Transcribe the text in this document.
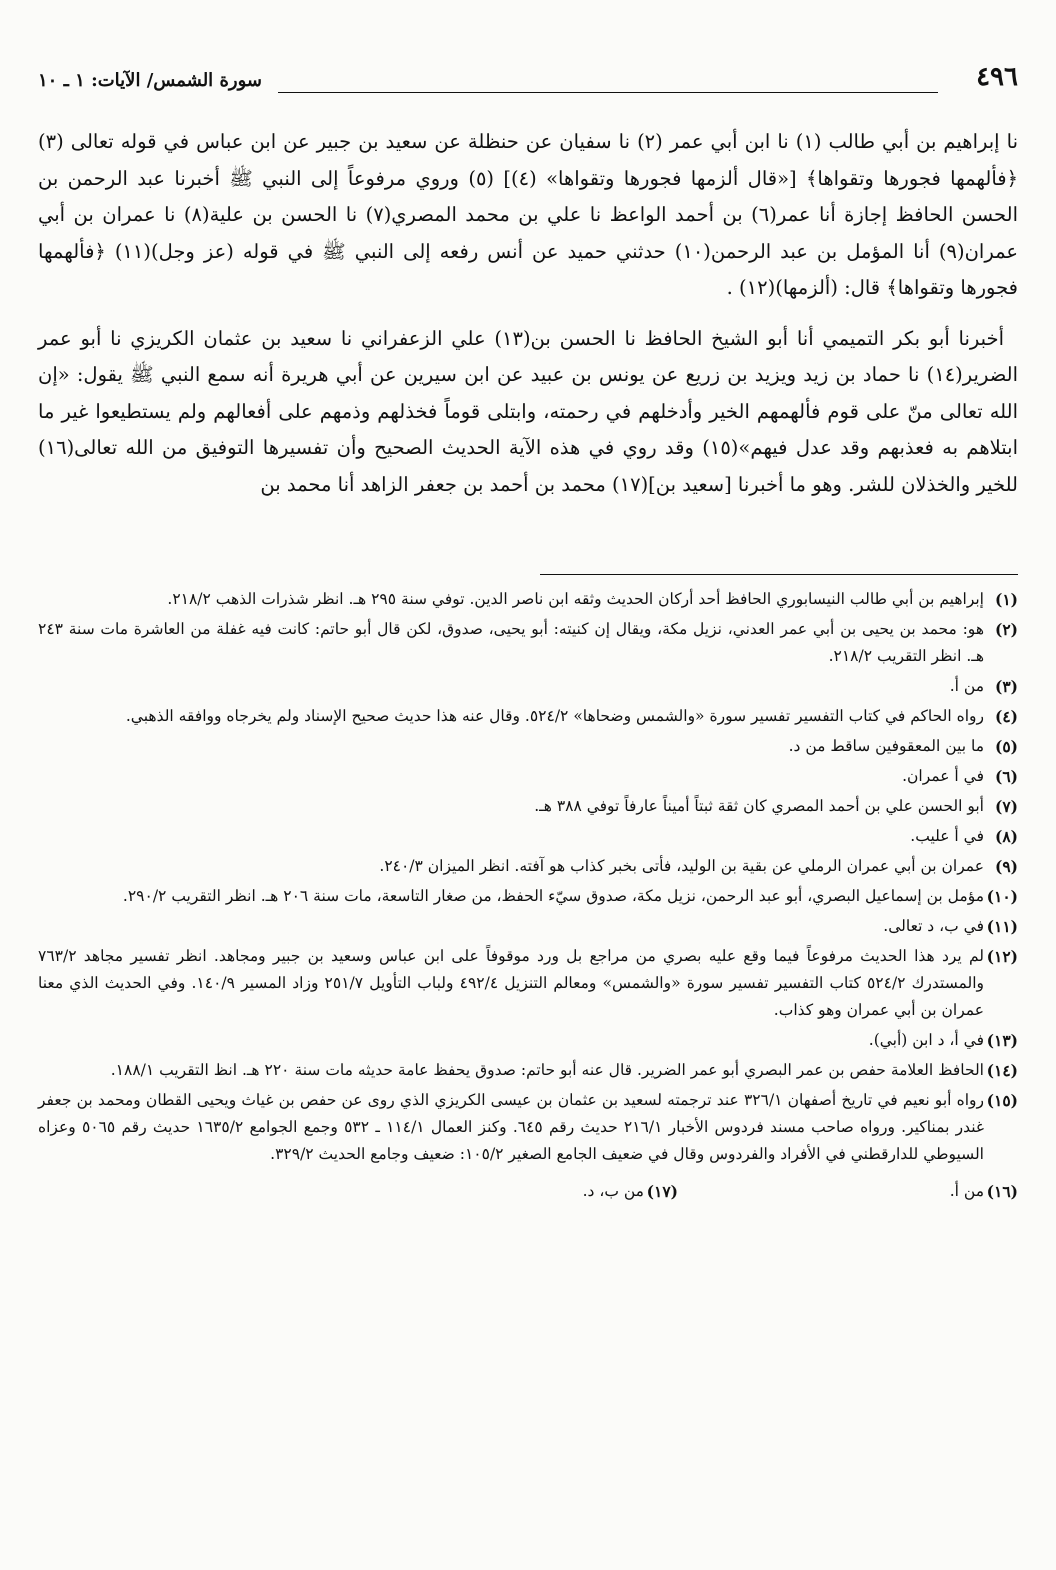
٤٩٦
سورة الشمس/ الآيات: ١ ـ ١٠

نا إبراهيم بن أبي طالب (١) نا ابن أبي عمر (٢) نا سفيان عن حنظلة عن سعيد بن جبير عن ابن عباس في قوله تعالى (٣) ﴿فألهمها فجورها وتقواها﴾ [«قال ألزمها فجورها وتقواها» (٤)] (٥) وروي مرفوعاً إلى النبي ﷺ أخبرنا عبد الرحمن بن الحسن الحافظ إجازة أنا عمر(٦) بن أحمد الواعظ نا علي بن محمد المصري(٧) نا الحسن بن علية(٨) نا عمران بن أبي عمران(٩) أنا المؤمل بن عبد الرحمن(١٠) حدثني حميد عن أنس رفعه إلى النبي ﷺ في قوله (عز وجل)(١١) ﴿فألهمها فجورها وتقواها﴾ قال: (ألزمها)(١٢) .

أخبرنا أبو بكر التميمي أنا أبو الشيخ الحافظ نا الحسن بن(١٣) علي الزعفراني نا سعيد بن عثمان الكريزي نا أبو عمر الضرير(١٤) نا حماد بن زيد ويزيد بن زريع عن يونس بن عبيد عن ابن سيرين عن أبي هريرة أنه سمع النبي ﷺ يقول: «إن الله تعالى منّ على قوم فألهمهم الخير وأدخلهم في رحمته، وابتلى قوماً فخذلهم وذمهم على أفعالهم ولم يستطيعوا غير ما ابتلاهم به فعذبهم وقد عدل فيهم»(١٥) وقد روي في هذه الآية الحديث الصحيح وأن تفسيرها التوفيق من الله تعالى(١٦) للخير والخذلان للشر. وهو ما أخبرنا [سعيد بن](١٧) محمد بن أحمد بن جعفر الزاهد أنا محمد بن

(١)
إبراهيم بن أبي طالب النيسابوري الحافظ أحد أركان الحديث وثقه ابن ناصر الدين. توفي سنة ٢٩٥ هـ. انظر شذرات الذهب ٢١٨/٢.
(٢)
هو: محمد بن يحيى بن أبي عمر العدني، نزيل مكة، ويقال إن كنيته: أبو يحيى، صدوق، لكن قال أبو حاتم: كانت فيه غفلة من العاشرة مات سنة ٢٤٣ هـ. انظر التقريب ٢١٨/٢.
(٣)
من أ.
(٤)
رواه الحاكم في كتاب التفسير تفسير سورة «والشمس وضحاها» ٥٢٤/٢. وقال عنه هذا حديث صحيح الإسناد ولم يخرجاه ووافقه الذهبي.
(٥)
ما بين المعقوفين ساقط من د.
(٦)
في أ عمران.
(٧)
أبو الحسن علي بن أحمد المصري كان ثقة ثبتاً أميناً عارفاً توفي ٣٨٨ هـ.
(٨)
في أ عليب.
(٩)
عمران بن أبي عمران الرملي عن بقية بن الوليد، فأتى بخبر كذاب هو آفته. انظر الميزان ٢٤٠/٣.
(١٠)
مؤمل بن إسماعيل البصري، أبو عبد الرحمن، نزيل مكة، صدوق سيّء الحفظ، من صغار التاسعة، مات سنة ٢٠٦ هـ. انظر التقريب ٢٩٠/٢.
(١١)
في ب، د تعالى.
(١٢)
لم يرد هذا الحديث مرفوعاً فيما وقع عليه بصري من مراجع بل ورد موقوفاً على ابن عباس وسعيد بن جبير ومجاهد. انظر تفسير مجاهد ٧٦٣/٢ والمستدرك ٥٢٤/٢ كتاب التفسير تفسير سورة «والشمس» ومعالم التنزيل ٤٩٢/٤ ولباب التأويل ٢٥١/٧ وزاد المسير ١٤٠/٩. وفي الحديث الذي معنا عمران بن أبي عمران وهو كذاب.
(١٣)
في أ، د ابن (أبي).
(١٤)
الحافظ العلامة حفص بن عمر البصري أبو عمر الضرير. قال عنه أبو حاتم: صدوق يحفظ عامة حديثه مات سنة ٢٢٠ هـ. انظ التقريب ١٨٨/١.
(١٥)
رواه أبو نعيم في تاريخ أصفهان ٣٢٦/١ عند ترجمته لسعيد بن عثمان بن عيسى الكريزي الذي روى عن حفص بن غياث ويحيى القطان ومحمد بن جعفر غندر بمناكير. ورواه صاحب مسند فردوس الأخبار ٢١٦/١ حديث رقم ٦٤٥. وكنز العمال ١١٤/١ ـ ٥٣٢ وجمع الجوامع ١٦٣٥/٢ حديث رقم ٥٠٦٥ وعزاه السيوطي للدارقطني في الأفراد والفردوس وقال في ضعيف الجامع الصغير ١٠٥/٢: ضعيف وجامع الحديث ٣٢٩/٢.
(١٦)
من أ.
(١٧)
من ب، د.
